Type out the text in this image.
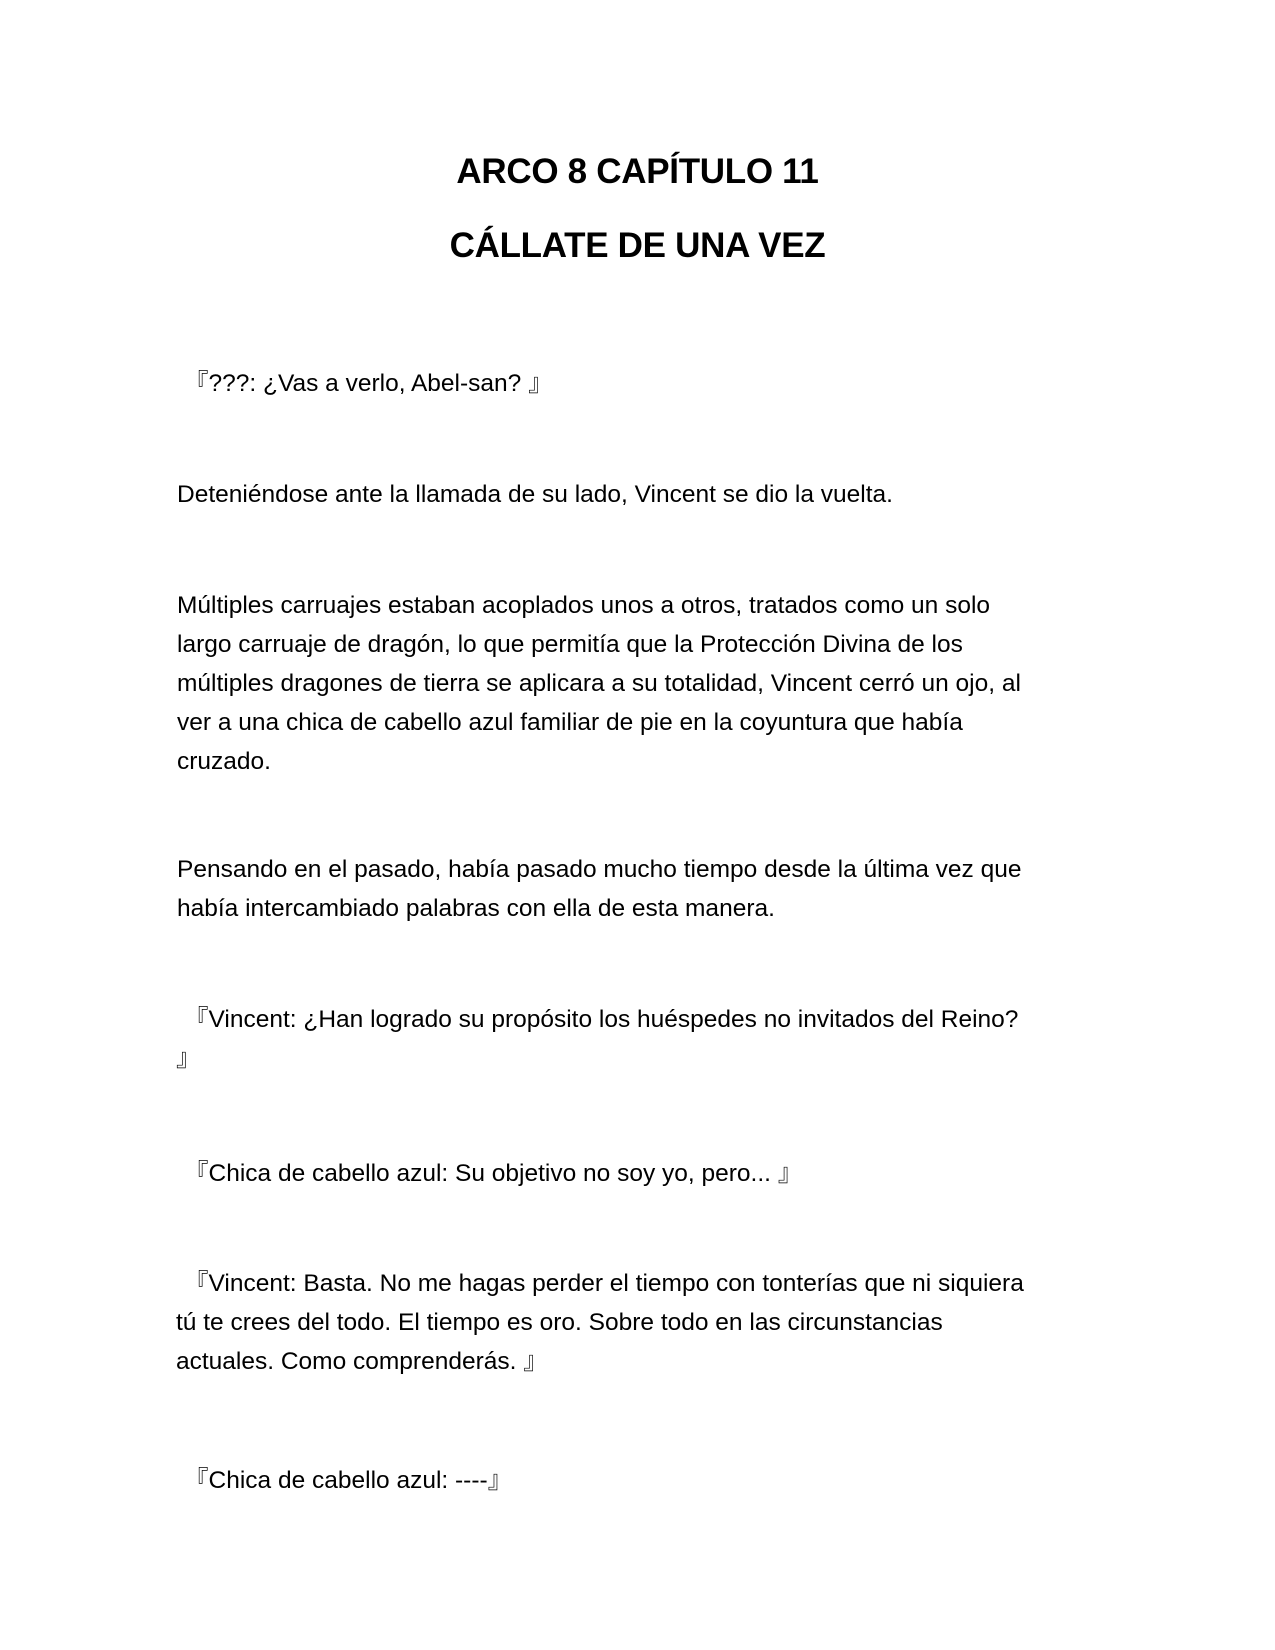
ARCO 8 CAPÍTULO 11
CÁLLATE DE UNA VEZ

『???: ¿Vas a verlo, Abel-san? 』

Deteniéndose ante la llamada de su lado, Vincent se dio la vuelta.

Múltiples carruajes estaban acoplados unos a otros, tratados como un solo
largo carruaje de dragón, lo que permitía que la Protección Divina de los
múltiples dragones de tierra se aplicara a su totalidad, Vincent cerró un ojo, al
ver a una chica de cabello azul familiar de pie en la coyuntura que había
cruzado.

Pensando en el pasado, había pasado mucho tiempo desde la última vez que
había intercambiado palabras con ella de esta manera.

『Vincent: ¿Han logrado su propósito los huéspedes no invitados del Reino?
』

『Chica de cabello azul: Su objetivo no soy yo, pero... 』

『Vincent: Basta. No me hagas perder el tiempo con tonterías que ni siquiera
tú te crees del todo. El tiempo es oro. Sobre todo en las circunstancias
actuales. Como comprenderás. 』

『Chica de cabello azul: ----』
